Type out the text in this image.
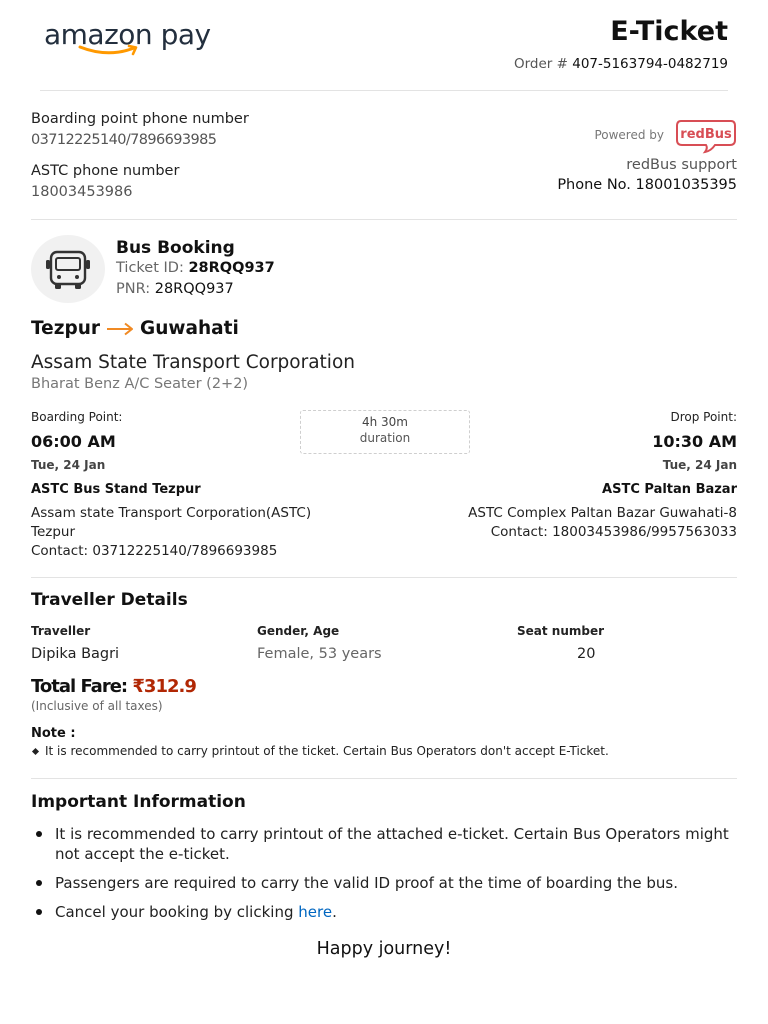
amazon pay	E-Ticket
Order # 407-5163794-0482719
Boarding point phone number
03712225140/7896693985
ASTC phone number
18003453986
Powered by redBus
redBus support
Phone No. 18001035395
Bus Booking
Ticket ID: 28RQQ937
PNR: 28RQQ937
Tezpur Guwahati
Assam State Transport Corporation
Bharat Benz A/C Seater (2+2)
Boarding Point:
06:00 AM
Tue, 24 Jan
ASTC Bus Stand Tezpur
Assam state Transport Corporation(ASTC)
Tezpur
Contact: 03712225140/7896693985
4h 30m
duration
Drop Point:
10:30 AM
Tue, 24 Jan
ASTC Paltan Bazar
ASTC Complex Paltan Bazar Guwahati-8
Contact: 18003453986/9957563033
Traveller Details
Traveller	Gender, Age	Seat number
Dipika Bagri	Female, 53 years	20
Total Fare: ₹312.9
(Inclusive of all taxes)
Note :
It is recommended to carry printout of the ticket. Certain Bus Operators don't accept E-Ticket.
Important Information
It is recommended to carry printout of the attached e-ticket. Certain Bus Operators might not accept the e-ticket.
Passengers are required to carry the valid ID proof at the time of boarding the bus.
Cancel your booking by clicking here.
Happy journey!
